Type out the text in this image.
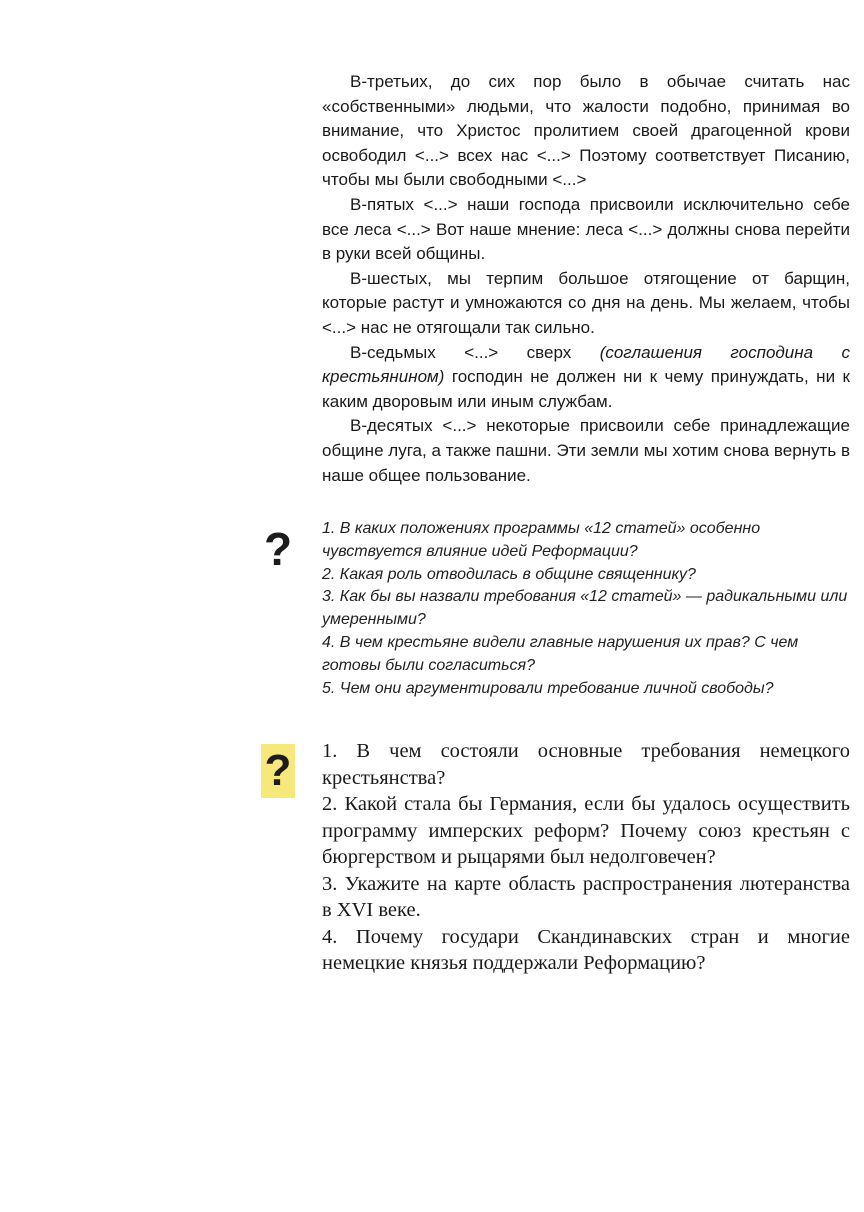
В-третьих, до сих пор было в обычае считать нас «собственными» людьми, что жалости подобно, принимая во внимание, что Христос пролитием своей драгоценной крови освободил <...> всех нас <...> Поэтому соответствует Писанию, чтобы мы были свободными <...>

В-пятых <...> наши господа присвоили исключительно себе все леса <...> Вот наше мнение: леса <...> должны снова перейти в руки всей общины.

В-шестых, мы терпим большое отягощение от барщин, которые растут и умножаются со дня на день. Мы желаем, чтобы <...> нас не отягощали так сильно.

В-седьмых <...> сверх (соглашения господина с крестьянином) господин не должен ни к чему принуждать, ни к каким дворовым или иным службам.

В-десятых <...> некоторые присвоили себе принадлежащие общине луга, а также пашни. Эти земли мы хотим снова вернуть в наше общее пользование.

?	1. В каких положениях программы «12 статей» особенно чувствуется влияние идей Реформации?

2. Какая роль отводилась в общине священнику?

3. Как бы вы назвали требования «12 статей» — радикальными или умеренными?

4. В чем крестьяне видели главные нарушения их прав? С чем готовы были согласиться?

5. Чем они аргументировали требование личной свободы?

? 1. В чем состояли основные требования немецкого крестьянства?

2. Какой стала бы Германия, если бы удалось осуществить программу имперских реформ? Почему союз крестьян с бюргерством и рыцарями был недолговечен?

3. Укажите на карте область распространения лютеранства в XVI веке.

4. Почему государи Скандинавских стран и многие немецкие князья поддержали Реформацию?
